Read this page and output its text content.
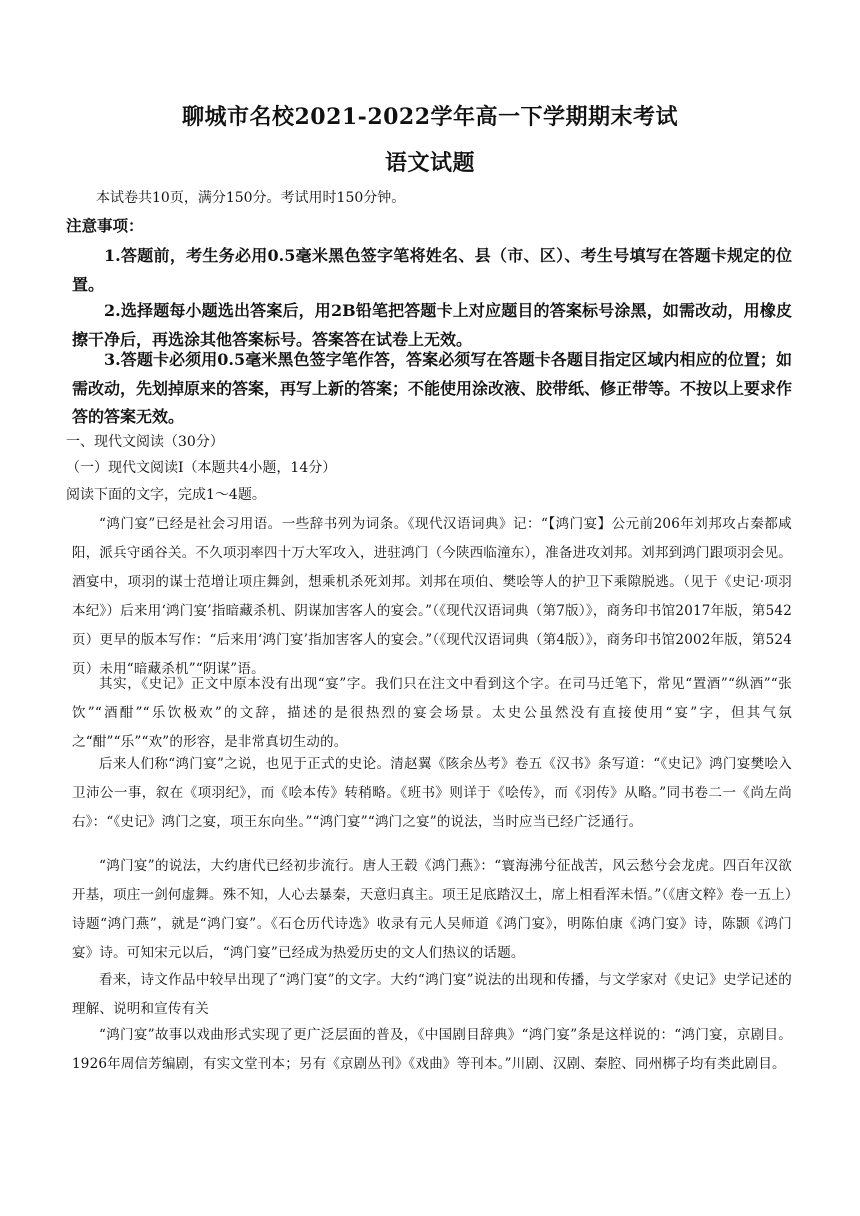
聊城市名校2021-2022学年高一下学期期末考试
语文试题
本试卷共10页，满分150分。考试用时150分钟。
注意事项：
1.答题前，考生务必用0.5毫米黑色签字笔将姓名、县（市、区）、考生号填写在答题卡规定的位置。
2.选择题每小题选出答案后，用2B铅笔把答题卡上对应题目的答案标号涂黑，如需改动，用橡皮擦干净后，再选涂其他答案标号。答案答在试卷上无效。
3.答题卡必须用0.5毫米黑色签字笔作答，答案必须写在答题卡各题目指定区域内相应的位置；如需改动，先划掉原来的答案，再写上新的答案；不能使用涂改液、胶带纸、修正带等。不按以上要求作答的答案无效。
一、现代文阅读（30分）
（一）现代文阅读Ⅰ（本题共4小题，14分）
阅读下面的文字，完成1～4题。
“鸿门宴”已经是社会习用语。一些辞书列为词条。《现代汉语词典》记：“【鸿门宴】公元前206年刘邦攻占秦都咸阳，派兵守函谷关。不久项羽率四十万大军攻入，进驻鸿门（今陕西临潼东），准备进攻刘邦。刘邦到鸿门跟项羽会见。酒宴中，项羽的谋士范增让项庄舞剑，想乘机杀死刘邦。刘邦在项伯、樊哙等人的护卫下乘隙脱逃。（见于《史记·项羽本纪》）后来用‘鸿门宴’指暗藏杀机、阴谋加害客人的宴会。”（《现代汉语词典（第7版）》，商务印书馆2017年版，第542页）更早的版本写作：“后来用‘鸿门宴’指加害客人的宴会。”（《现代汉语词典（第4版）》，商务印书馆2002年版，第524页）未用“暗藏杀机”“阴谋”语。
其实，《史记》正文中原本没有出现“宴”字。我们只在注文中看到这个字。在司马迁笔下，常见“置酒”“纵酒”“张饮”“酒酣”“乐饮极欢”的文辞，描述的是很热烈的宴会场景。太史公虽然没有直接使用“宴”字，但其气氛之“酣”“乐”“欢”的形容，是非常真切生动的。
后来人们称“鸿门宴”之说，也见于正式的史论。清赵翼《陔余丛考》卷五《汉书》条写道：“《史记》鸿门宴樊哙入卫沛公一事，叙在《项羽纪》，而《哙本传》转稍略。《班书》则详于《哙传》，而《羽传》从略。”同书卷二一《尚左尚右》：“《史记》鸿门之宴，项王东向坐。”“鸿门宴”“鸿门之宴”的说法，当时应当已经广泛通行。
“鸿门宴”的说法，大约唐代已经初步流行。唐人王毂《鸿门燕》：“寰海沸兮征战苦，风云愁兮会龙虎。四百年汉欲开基，项庄一剑何虚舞。殊不知，人心去暴秦，天意归真主。项王足底踏汉土，席上相看浑未悟。”（《唐文粹》卷一五上）诗题“鸿门燕”，就是“鸿门宴”。《石仓历代诗选》收录有元人吴师道《鸿门宴》，明陈伯康《鸿门宴》诗，陈颢《鸿门宴》诗。可知宋元以后，“鸿门宴”已经成为热爱历史的文人们热议的话题。
看来，诗文作品中较早出现了“鸿门宴”的文字。大约“鸿门宴”说法的出现和传播，与文学家对《史记》史学记述的理解、说明和宣传有关
“鸿门宴”故事以戏曲形式实现了更广泛层面的普及，《中国剧目辞典》“鸿门宴”条是这样说的：“鸿门宴，京剧目。1926年周信芳编剧，有实文堂刊本；另有《京剧丛刊》《戏曲》等刊本。”川剧、汉剧、秦腔、同州梆子均有类此剧目。
